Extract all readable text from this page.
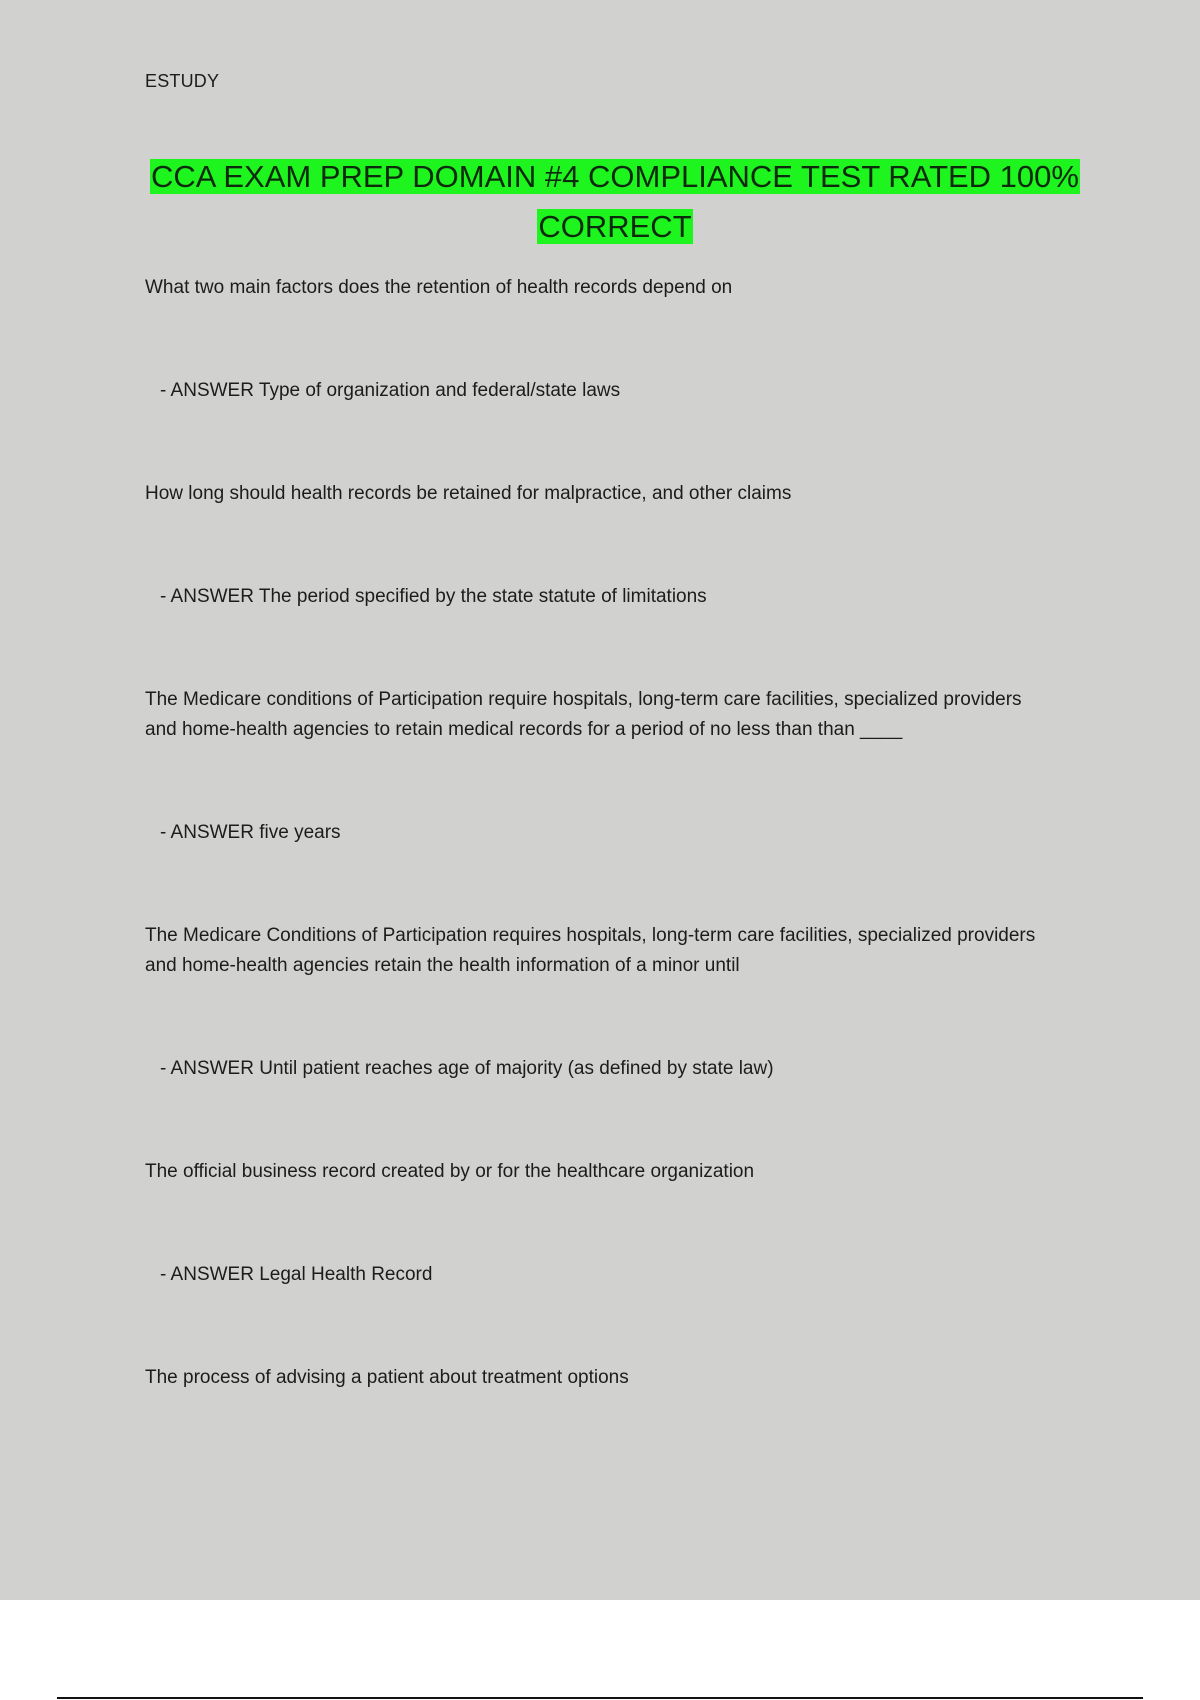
ESTUDY
CCA EXAM PREP DOMAIN #4 COMPLIANCE TEST RATED 100% CORRECT
What two main factors does the retention of health records depend on
- ANSWER Type of organization and federal/state laws
How long should health records be retained for malpractice, and other claims
- ANSWER The period specified by the state statute of limitations
The Medicare conditions of Participation require hospitals, long-term care facilities, specialized providers and home-health agencies to retain medical records for a period of no less than than ____
- ANSWER five years
The Medicare Conditions of Participation requires hospitals, long-term care facilities, specialized providers and home-health agencies retain the health information of a minor until
- ANSWER Until patient reaches age of majority (as defined by state law)
The official business record created by or for the healthcare organization
- ANSWER Legal Health Record
The process of advising a patient about treatment options
